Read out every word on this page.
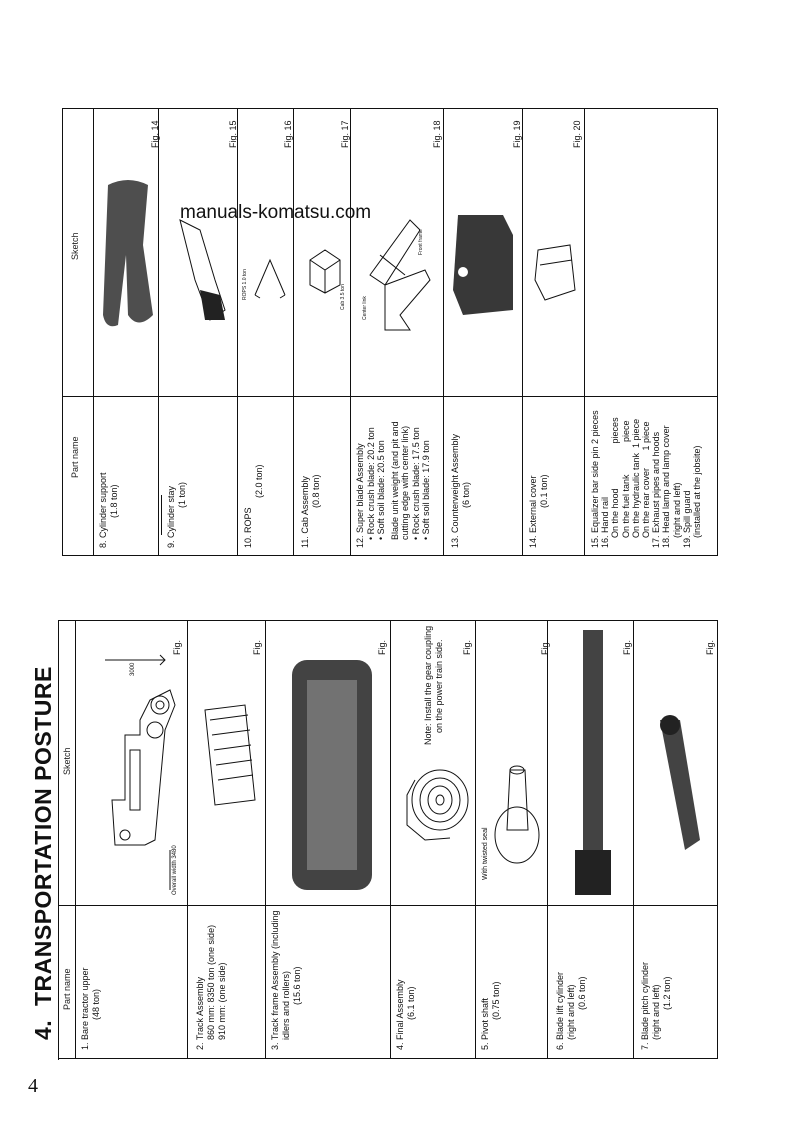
4
4.  TRANSPORTATION POSTURE Part name
Sketch
1. Bare tractor upper (48 ton)
Fig.
Overall width 3480
3000
2. Track Assembly 860 mm: 8350 ton (one side) 910 mm: (one side)
Fig.
3. Track frame Assembly (including idlers and rollers) (15.6 ton)
Fig.
4. Final Assembly (6.1 ton)
Fig.
Note: Install the gear coupling on the power train side.
5. Pivot shaft (0.75 ton)
Fig.
With twisted seal
6. Blade lift cylinder (right and left) (0.6 ton)
Fig.
7. Blade pitch cylinder (right and left) (1.2 ton)
Fig.
Part name
Sketch
8. Cylinder support (1.8 ton)
Fig. 14
9. Cylinder stay (1 ton)
Fig. 15
10. ROPS
(2.0 ton)
Fig. 16
ROPS 1.0 ton
11. Cab Assembly (0.8 ton)
Fig. 17
Cab 3.5 ton
12. Super blade Assembly • Rock crush blade: 20.2 ton • Soft soil blade: 20.5 ton Blade unit weight (and pit and cutting edge with center link) • Rock crush blade: 17.5 ton • Soft soil blade: 17.9 ton
Fig. 18
Center link
Front frame
13. Counterweight Assembly (6 ton)
Fig. 19
14. External cover (0.1 ton)
Fig. 20
15. Equalizer bar side pin 2 pieces 16. Hand rail On the hood                  pieces On the fuel tank             piece On the hydraulic tank  1 piece On the rear cover       1 piece 17. Exhaust pipes and hoods 18. Head lamp and lamp cover (right and left) 19. Spill guard (installed at the jobsite)
manuals-komatsu.com
